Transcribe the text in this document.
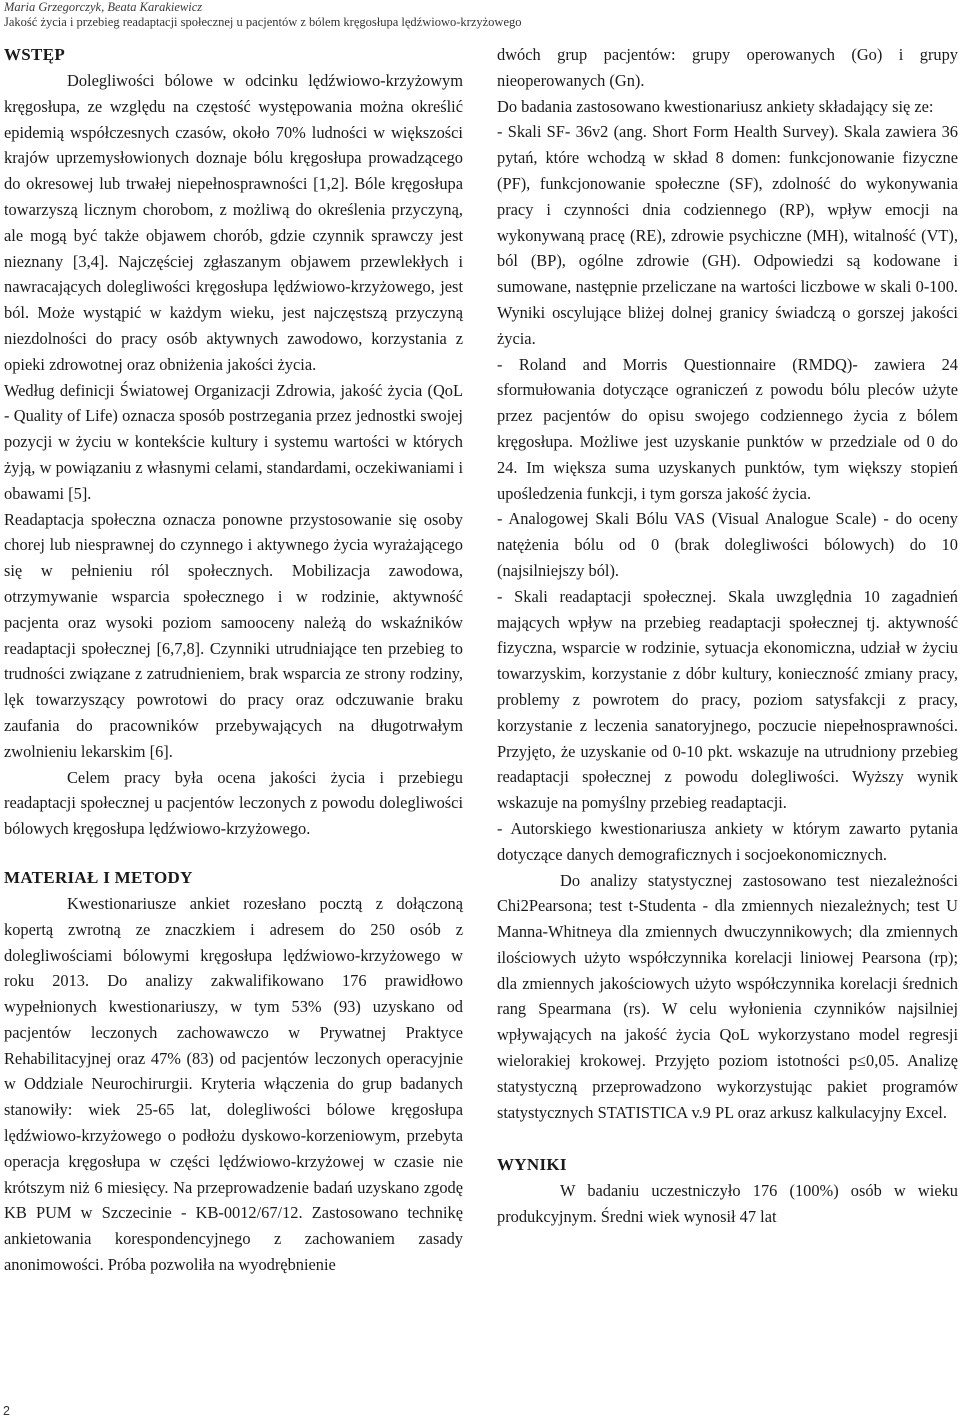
Maria Grzegorczyk, Beata Karakiewicz
Jakość życia i przebieg readaptacji społecznej u pacjentów z bólem kręgosłupa lędźwiowo-krzyżowego
WSTĘP

Dolegliwości bólowe w odcinku lędźwiowo-krzyżowym kręgosłupa, ze względu na częstość występowania można określić epidemią współczesnych czasów, około 70% ludności w większości krajów uprzemysłowionych doznaje bólu kręgosłupa prowadzącego do okresowej lub trwałej niepełnosprawności [1,2]. Bóle kręgosłupa towarzyszą licznym chorobom, z możliwą do określenia przyczyną, ale mogą być także objawem chorób, gdzie czynnik sprawczy jest nieznany [3,4]. Najczęściej zgłaszanym objawem przewlekłych i nawracających dolegliwości kręgosłupa lędźwiowo-krzyżowego, jest ból. Może wystąpić w każdym wieku, jest najczęstszą przyczyną niezdolności do pracy osób aktywnych zawodowo, korzystania z opieki zdrowotnej oraz obniżenia jakości życia.

Według definicji Światowej Organizacji Zdrowia, jakość życia (QoL - Quality of Life) oznacza sposób postrzegania przez jednostki swojej pozycji w życiu w kontekście kultury i systemu wartości w których żyją, w powiązaniu z własnymi celami, standardami, oczekiwaniami i obawami [5].

Readaptacja społeczna oznacza ponowne przystosowanie się osoby chorej lub niesprawnej do czynnego i aktywnego życia wyrażającego się w pełnieniu ról społecznych. Mobilizacja zawodowa, otrzymywanie wsparcia społecznego i w rodzinie, aktywność pacjenta oraz wysoki poziom samooceny należą do wskaźników readaptacji społecznej [6,7,8]. Czynniki utrudniające ten przebieg to trudności związane z zatrudnieniem, brak wsparcia ze strony rodziny, lęk towarzyszący powrotowi do pracy oraz odczuwanie braku zaufania do pracowników przebywających na długotrwałym zwolnieniu lekarskim [6].

Celem pracy była ocena jakości życia i przebiegu readaptacji społecznej u pacjentów leczonych z powodu dolegliwości bólowych kręgosłupa lędźwiowo-krzyżowego.

MATERIAŁ I METODY

Kwestionariusze ankiet rozesłano pocztą z dołączoną kopertą zwrotną ze znaczkiem i adresem do 250 osób z dolegliwościami bólowymi kręgosłupa lędźwiowo-krzyżowego w roku 2013. Do analizy zakwalifikowano 176 prawidłowo wypełnionych kwestionariuszy, w tym 53% (93) uzyskano od pacjentów leczonych zachowawczo w Prywatnej Praktyce Rehabilitacyjnej oraz 47% (83) od pacjentów leczonych operacyjnie w Oddziale Neurochirurgii. Kryteria włączenia do grup badanych stanowiły: wiek 25-65 lat, dolegliwości bólowe kręgosłupa lędźwiowo-krzyżowego o podłożu dyskowo-korzeniowym, przebyta operacja kręgosłupa w części lędźwiowo-krzyżowej w czasie nie krótszym niż 6 miesięcy. Na przeprowadzenie badań uzyskano zgodę KB PUM w Szczecinie - KB-0012/67/12. Zastosowano technikę ankietowania korespondencyjnego z zachowaniem zasady anonimowości. Próba pozwoliła na wyodrębnienie

dwóch grup pacjentów: grupy operowanych (Go) i grupy nieoperowanych (Gn).

Do badania zastosowano kwestionariusz ankiety składający się ze:

- Skali SF- 36v2 (ang. Short Form Health Survey). Skala zawiera 36 pytań, które wchodzą w skład 8 domen: funkcjonowanie fizyczne (PF), funkcjonowanie społeczne (SF), zdolność do wykonywania pracy i czynności dnia codziennego (RP), wpływ emocji na wykonywaną pracę (RE), zdrowie psychiczne (MH), witalność (VT), ból (BP), ogólne zdrowie (GH). Odpowiedzi są kodowane i sumowane, następnie przeliczane na wartości liczbowe w skali 0-100. Wyniki oscylujące bliżej dolnej granicy świadczą o gorszej jakości życia.

- Roland and Morris Questionnaire (RMDQ)- zawiera 24 sformułowania dotyczące ograniczeń z powodu bólu pleców użyte przez pacjentów do opisu swojego codziennego życia z bólem kręgosłupa. Możliwe jest uzyskanie punktów w przedziale od 0 do 24. Im większa suma uzyskanych punktów, tym większy stopień upośledzenia funkcji, i tym gorsza jakość życia.

- Analogowej Skali Bólu VAS (Visual Analogue Scale) - do oceny natężenia bólu od 0 (brak dolegliwości bólowych) do 10 (najsilniejszy ból).

- Skali readaptacji społecznej. Skala uwzględnia 10 zagadnień mających wpływ na przebieg readaptacji społecznej tj. aktywność fizyczna, wsparcie w rodzinie, sytuacja ekonomiczna, udział w życiu towarzyskim, korzystanie z dóbr kultury, konieczność zmiany pracy, problemy z powrotem do pracy, poziom satysfakcji z pracy, korzystanie z leczenia sanatoryjnego, poczucie niepełnosprawności. Przyjęto, że uzyskanie od 0-10 pkt. wskazuje na utrudniony przebieg readaptacji społecznej z powodu dolegliwości. Wyższy wynik wskazuje na pomyślny przebieg readaptacji.

- Autorskiego kwestionariusza ankiety w którym zawarto pytania dotyczące danych demograficznych i socjoekonomicznych.

Do analizy statystycznej zastosowano test niezależności Chi2Pearsona; test t-Studenta - dla zmiennych niezależnych; test U Manna-Whitneya dla zmiennych dwuczynnikowych; dla zmiennych ilościowych użyto współczynnika korelacji liniowej Pearsona (rp); dla zmiennych jakościowych użyto współczynnika korelacji średnich rang Spearmana (rs). W celu wyłonienia czynników najsilniej wpływających na jakość życia QoL wykorzystano model regresji wielorakiej krokowej. Przyjęto poziom istotności p≤0,05. Analizę statystyczną przeprowadzono wykorzystując pakiet programów statystycznych STATISTICA v.9 PL oraz arkusz kalkulacyjny Excel.

WYNIKI

W badaniu uczestniczyło 176 (100%) osób w wieku produkcyjnym. Średni wiek wynosił 47 lat

2
